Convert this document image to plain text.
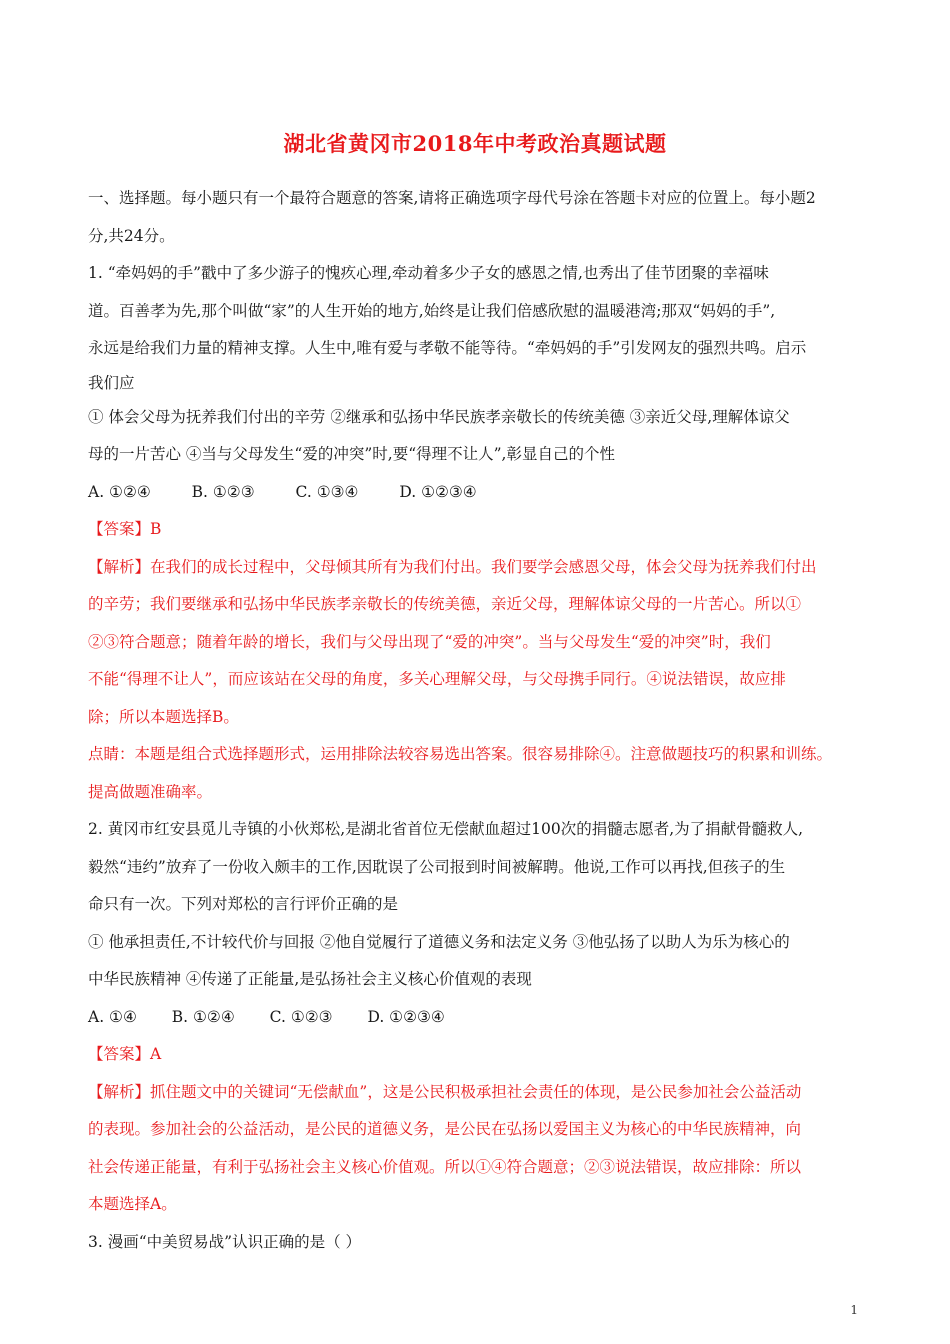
湖北省黄冈市2018年中考政治真题试题
一、选择题。每小题只有一个最符合题意的答案,请将正确选项字母代号涂在答题卡对应的位置上。每小题2
分,共24分。
1. “牵妈妈的手”戳中了多少游子的愧疚心理,牵动着多少子女的感恩之情,也秀出了佳节团聚的幸福味
道。百善孝为先,那个叫做“家”的人生开始的地方,始终是让我们倍感欣慰的温暖港湾;那双“妈妈的手”,
永远是给我们力量的精神支撑。人生中,唯有爱与孝敬不能等待。“牵妈妈的手”引发网友的强烈共鸣。启示
我们应
① 体会父母为抚养我们付出的辛劳 ②继承和弘扬中华民族孝亲敬长的传统美德 ③亲近父母,理解体谅父
母的一片苦心 ④当与父母发生“爱的冲突”时,要“得理不让人”,彰显自己的个性
A. ①②④	B. ①②③	C. ①③④	D. ①②③④
【答案】B
【解析】在我们的成长过程中，父母倾其所有为我们付出。我们要学会感恩父母，体会父母为抚养我们付出
的辛劳；我们要继承和弘扬中华民族孝亲敬长的传统美德，亲近父母，理解体谅父母的一片苦心。所以①
②③符合题意；随着年龄的增长，我们与父母出现了“爱的冲突”。当与父母发生“爱的冲突”时，我们
不能“得理不让人”，而应该站在父母的角度，多关心理解父母，与父母携手同行。④说法错误，故应排
除；所以本题选择B。
点睛：本题是组合式选择题形式，运用排除法较容易选出答案。很容易排除④。注意做题技巧的积累和训练。
提高做题准确率。
2. 黄冈市红安县觅儿寺镇的小伙郑松,是湖北省首位无偿献血超过100次的捐髓志愿者,为了捐献骨髓救人,
毅然“违约”放弃了一份收入颇丰的工作,因耽误了公司报到时间被解聘。他说,工作可以再找,但孩子的生
命只有一次。下列对郑松的言行评价正确的是
① 他承担责任,不计较代价与回报 ②他自觉履行了道德义务和法定义务 ③他弘扬了以助人为乐为核心的
中华民族精神 ④传递了正能量,是弘扬社会主义核心价值观的表现
A. ①④ B. ①②④ C. ①②③ D. ①②③④
【答案】A
【解析】抓住题文中的关键词“无偿献血”，这是公民积极承担社会责任的体现，是公民参加社会公益活动
的表现。参加社会的公益活动，是公民的道德义务，是公民在弘扬以爱国主义为核心的中华民族精神，向
社会传递正能量，有利于弘扬社会主义核心价值观。所以①④符合题意；②③说法错误，故应排除：所以
本题选择A。
3. 漫画“中美贸易战”认识正确的是（ ）
1
